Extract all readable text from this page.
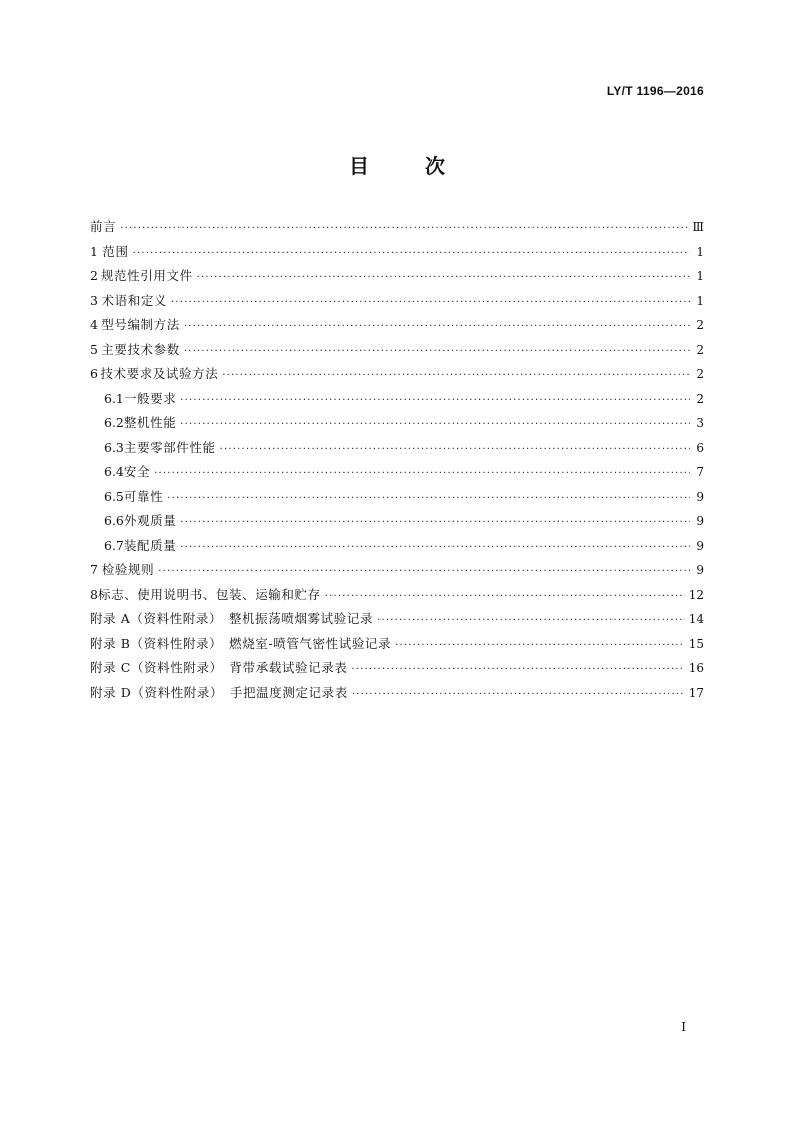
LY/T 1196—2016
目	次
前言 ·····	Ⅲ
1 范围 ·····	1
2 规范性引用文件 ·····	1
3 术语和定义 ·····	1
4 型号编制方法 ·····	2
5 主要技术参数 ·····	2
6 技术要求及试验方法 ·····	2
6.1 一般要求 ·····	2
6.2 整机性能 ·····	3
6.3 主要零部件性能 ·····	6
6.4 安全 ·····	7
6.5 可靠性 ·····	9
6.6 外观质量 ·····	9
6.7 装配质量 ·····	9
7 检验规则 ·····	9
8 标志、使用说明书、包装、运输和贮存 ·····	12
附录 A（资料性附录）　整机振荡喷烟雾试验记录 ·····	14
附录 B（资料性附录）　燃烧室-喷管气密性试验记录 ·····	15
附录 C（资料性附录）　背带承载试验记录表 ·····	16
附录 D（资料性附录）　手把温度测定记录表 ·····	17
I
